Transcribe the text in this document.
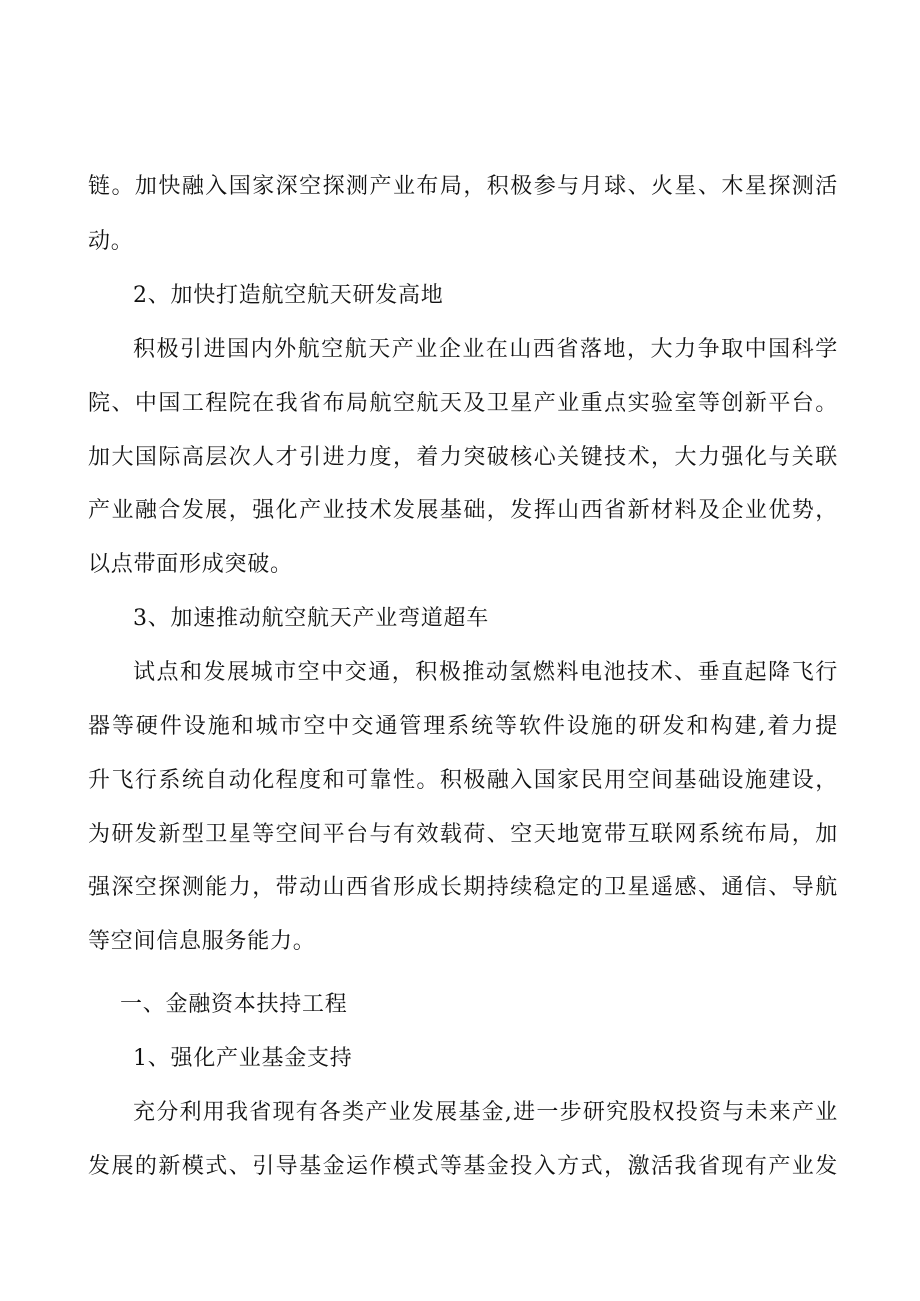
链。加快融入国家深空探测产业布局，积极参与月球、火星、木星探测活
动。
2、加快打造航空航天研发高地
积极引进国内外航空航天产业企业在山西省落地，大力争取中国科学
院、中国工程院在我省布局航空航天及卫星产业重点实验室等创新平台。
加大国际高层次人才引进力度，着力突破核心关键技术，大力强化与关联
产业融合发展，强化产业技术发展基础，发挥山西省新材料及企业优势，
以点带面形成突破。
3、加速推动航空航天产业弯道超车
试点和发展城市空中交通，积极推动氢燃料电池技术、垂直起降飞行
器等硬件设施和城市空中交通管理系统等软件设施的研发和构建,着力提
升飞行系统自动化程度和可靠性。积极融入国家民用空间基础设施建设，
为研发新型卫星等空间平台与有效载荷、空天地宽带互联网系统布局，加
强深空探测能力，带动山西省形成长期持续稳定的卫星遥感、通信、导航
等空间信息服务能力。
一、金融资本扶持工程
1、强化产业基金支持
充分利用我省现有各类产业发展基金,进一步研究股权投资与未来产业
发展的新模式、引导基金运作模式等基金投入方式，激活我省现有产业发
